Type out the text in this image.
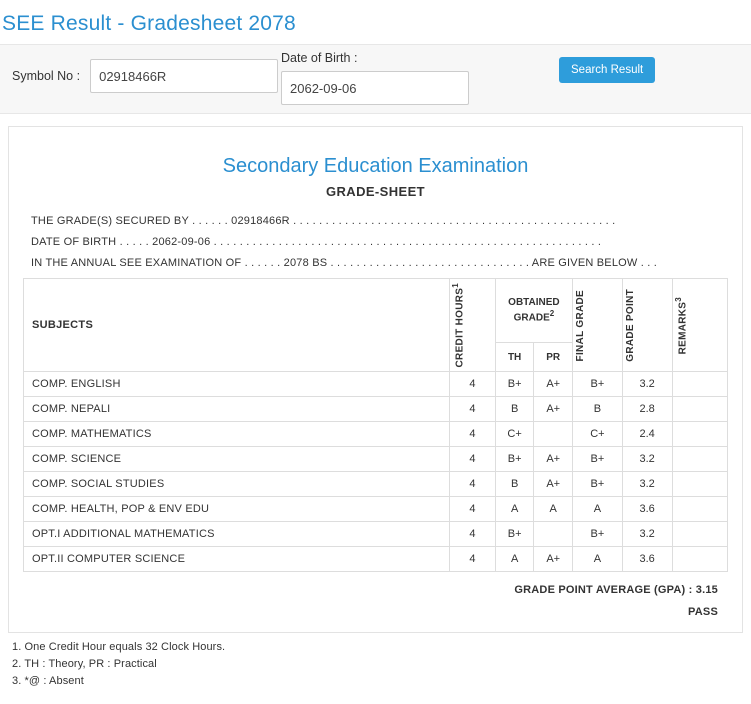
SEE Result - Gradesheet 2078
Symbol No :
02918466R
Date of Birth :
2062-09-06
Search Result
Secondary Education Examination
GRADE-SHEET
THE GRADE(S) SECURED BY . . . . . . 02918466R . . . . . . . . . . . . . . . . . . . . . . . . . . . . . . . . . . . . . . . . . . . . . . . . . .
DATE OF BIRTH . . . . . 2062-09-06 . . . . . . . . . . . . . . . . . . . . . . . . . . . . . . . . . . . . . . . . . . . . . . . . . . . . . . . . . . . .
IN THE ANNUAL SEE EXAMINATION OF . . . . . . 2078 BS . . . . . . . . . . . . . . . . . . . . . . . . . . . . . . . ARE GIVEN BELOW . . .
SUBJECTS	CREDIT HOURS$^1$	OBTAINED GRADE$^2$		FINAL GRADE	GRADE POINT	REMARKS$^3$

		TH	PR			
COMP. ENGLISH	4	B+	A+	B+	3.2	
COMP. NEPALI	4	B	A+	B	2.8	
COMP. MATHEMATICS	4	C+		C+	2.4	
COMP. SCIENCE	4	B+	A+	B+	3.2	
COMP. SOCIAL STUDIES	4	B	A+	B+	3.2	
COMP. HEALTH, POP & ENV EDU	4	A	A	A	3.6	
OPT.I ADDITIONAL MATHEMATICS	4	B+		B+	3.2	
OPT.II COMPUTER SCIENCE	4	A	A+	A	3.6	
GRADE POINT AVERAGE (GPA) : 3.15
PASS
1. One Credit Hour equals 32 Clock Hours.
2. TH : Theory, PR : Practical
3. *@ : Absent
